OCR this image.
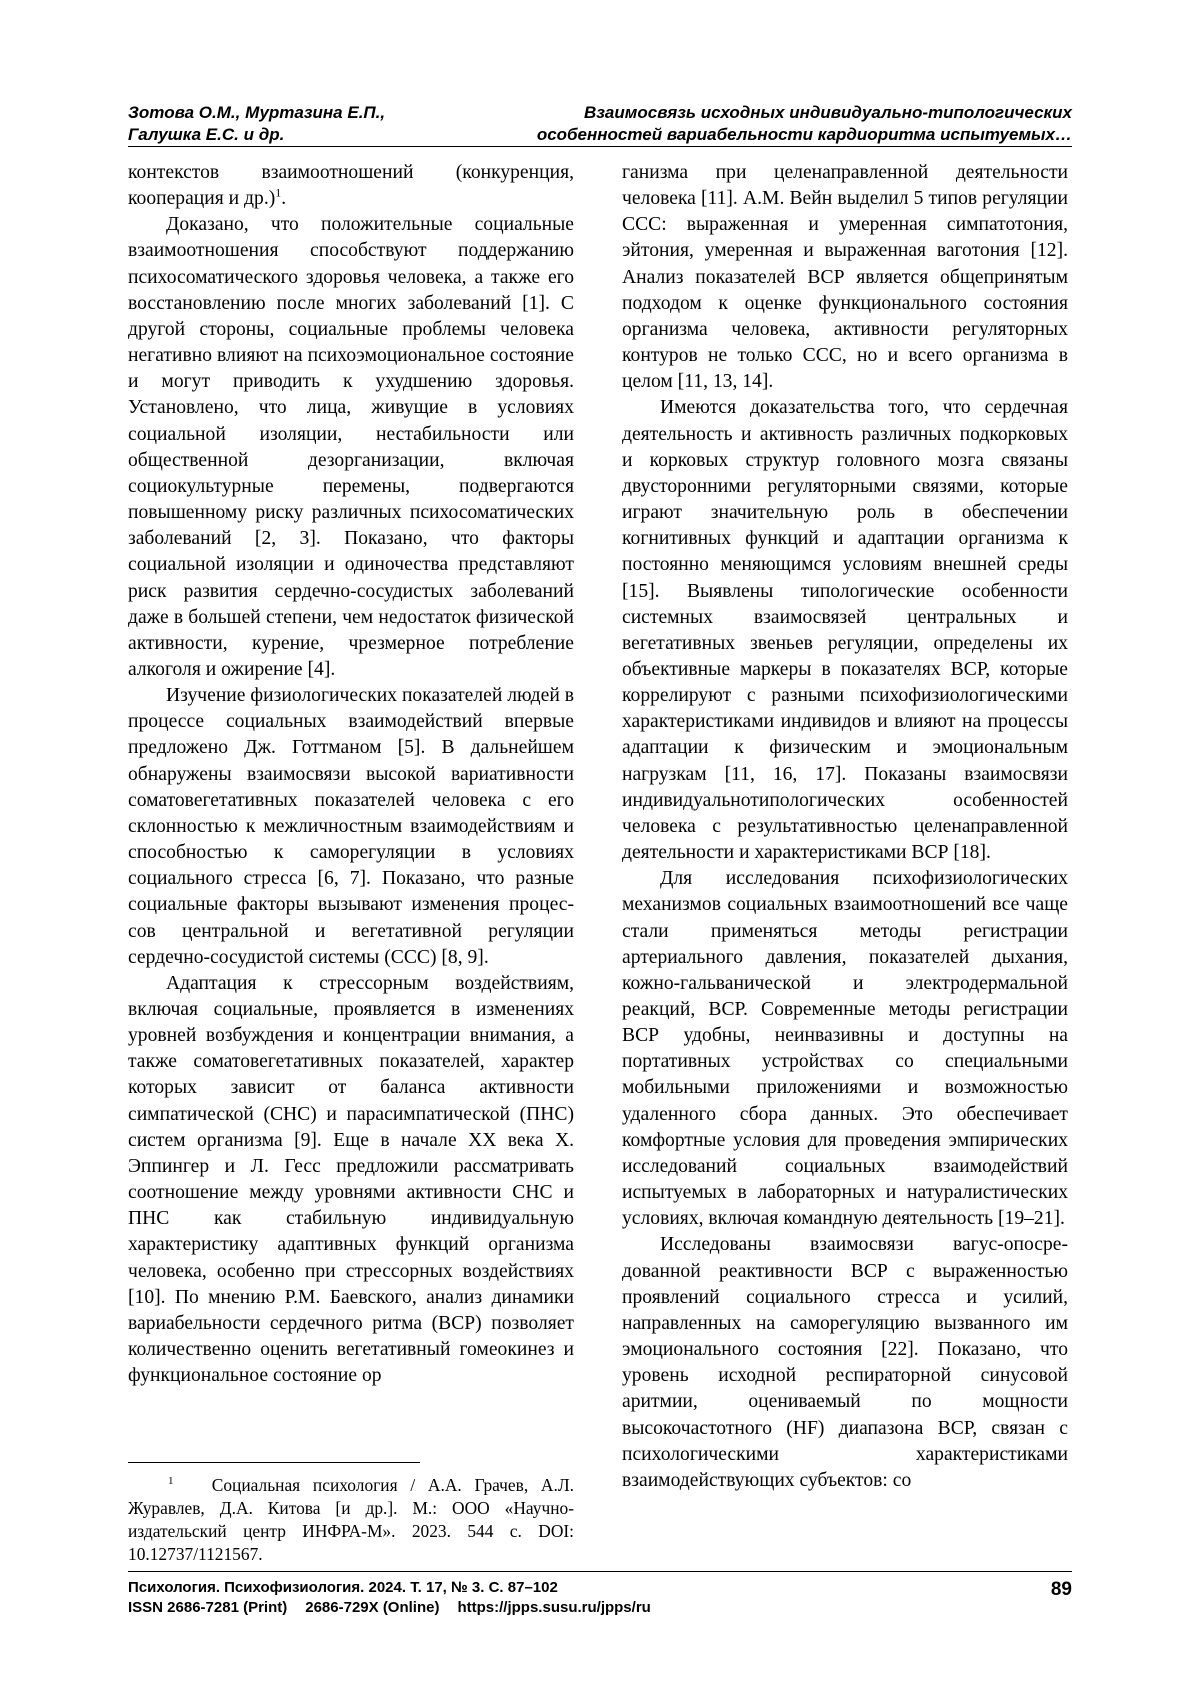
Зотова О.М., Муртазина Е.П.,
Галушка Е.С. и др.
Взаимосвязь исходных индивидуально-типологических
особенностей вариабельности кардиоритма испытуемых…

контекстов взаимоотношений (конкуренция, кооперация и др.)$^1$.

Доказано, что положительные социальные взаимоотношения способствуют поддержанию психосоматического здоровья человека, а также его восстановлению после многих заболеваний [1]. С другой стороны, социальные проблемы человека негативно влияют на психоэмоциональное состояние и могут приводить к ухудшению здоровья. Установлено, что лица, живущие в условиях социальной изоляции, нестабильности или общественной дезорганизации, включая социокультурные перемены, подвергаются повышенному риску различных психосоматических заболеваний [2, 3]. Показано, что факторы социальной изоляции и одиночества представляют риск развития сердечно-сосудистых заболеваний даже в большей степени, чем недостаток физической активности, курение, чрезмерное потребление алкоголя и ожирение [4].

Изучение физиологических показателей людей в процессе социальных взаимодействий впервые предложено Дж. Готтманом [5]. В дальнейшем обнаружены взаимосвязи высокой вариативности соматовегетативных показателей человека с его склонностью к межличностным взаимодействиям и способностью к саморегуляции в условиях социального стресса [6, 7]. Показано, что разные социальные факторы вызывают изменения процессов центральной и вегетативной регуляции сердечно-сосудистой системы (ССС) [8, 9].

Адаптация к стрессорным воздействиям, включая социальные, проявляется в изменениях уровней возбуждения и концентрации внимания, а также соматовегетативных показателей, характер которых зависит от баланса активности симпатической (СНС) и парасимпатической (ПНС) систем организма [9]. Еще в начале XX века Х. Эппингер и Л. Гесс предложили рассматривать соотношение между уровнями активности СНС и ПНС как стабильную индивидуальную характеристику адаптивных функций организма человека, особенно при стрессорных воздействиях [10]. По мнению Р.М. Баевского, анализ динамики вариабельности сердечного ритма (ВСР) позволяет количественно оценить вегетативный гомеокинез и функциональное состояние ор

ганизма при целенаправленной деятельности человека [11]. А.М. Вейн выделил 5 типов регуляции ССС: выраженная и умеренная симпатотония, эйтония, умеренная и выраженная ваготония [12]. Анализ показателей ВСР является общепринятым подходом к оценке функционального состояния организма человека, активности регуляторных контуров не только ССС, но и всего организма в целом [11, 13, 14].

Имеются доказательства того, что сердечная деятельность и активность различных подкорковых и корковых структур головного мозга связаны двусторонними регуляторными связями, которые играют значительную роль в обеспечении когнитивных функций и адаптации организма к постоянно меняющимся условиям внешней среды [15]. Выявлены типологические особенности системных взаимосвязей центральных и вегетативных звеньев регуляции, определены их объективные маркеры в показателях ВСР, которые коррелируют с разными психофизиологическими характеристиками индивидов и влияют на процессы адаптации к физическим и эмоциональным нагрузкам [11, 16, 17]. Показаны взаимосвязи индивидуальнотипологических особенностей человека с результативностью целенаправленной деятельности и характеристиками ВСР [18].

Для исследования психофизиологических механизмов социальных взаимоотношений все чаще стали применяться методы регистрации артериального давления, показателей дыхания, кожно-гальванической и электродермальной реакций, ВСР. Современные методы регистрации ВСР удобны, неинвазивны и доступны на портативных устройствах со специальными мобильными приложениями и возможностью удаленного сбора данных. Это обеспечивает комфортные условия для проведения эмпирических исследований социальных взаимодействий испытуемых в лабораторных и натуралистических условиях, включая командную деятельность [19–21].

Исследованы взаимосвязи вагус-опосредованной реактивности ВСР с выраженностью проявлений социального стресса и усилий, направленных на саморегуляцию вызванного им эмоционального состояния [22]. Показано, что уровень исходной респираторной синусовой аритмии, оцениваемый по мощности высокочастотного (HF) диапазона ВСР, связан с психологическими характеристиками взаимодействующих субъектов: со

$^1$ Социальная психология / А.А. Грачев, А.Л. Журавлев, Д.А. Китова [и др.]. М.: ООО «Научно-издательский центр ИНФРА-М». 2023. 544 с. DOI: 10.12737/1121567.

Психология. Психофизиология. 2024. Т. 17, № 3. С. 87–102
ISSN 2686-7281 (Print) 2686-729X (Online) https://jpps.susu.ru/jpps/ru
89
